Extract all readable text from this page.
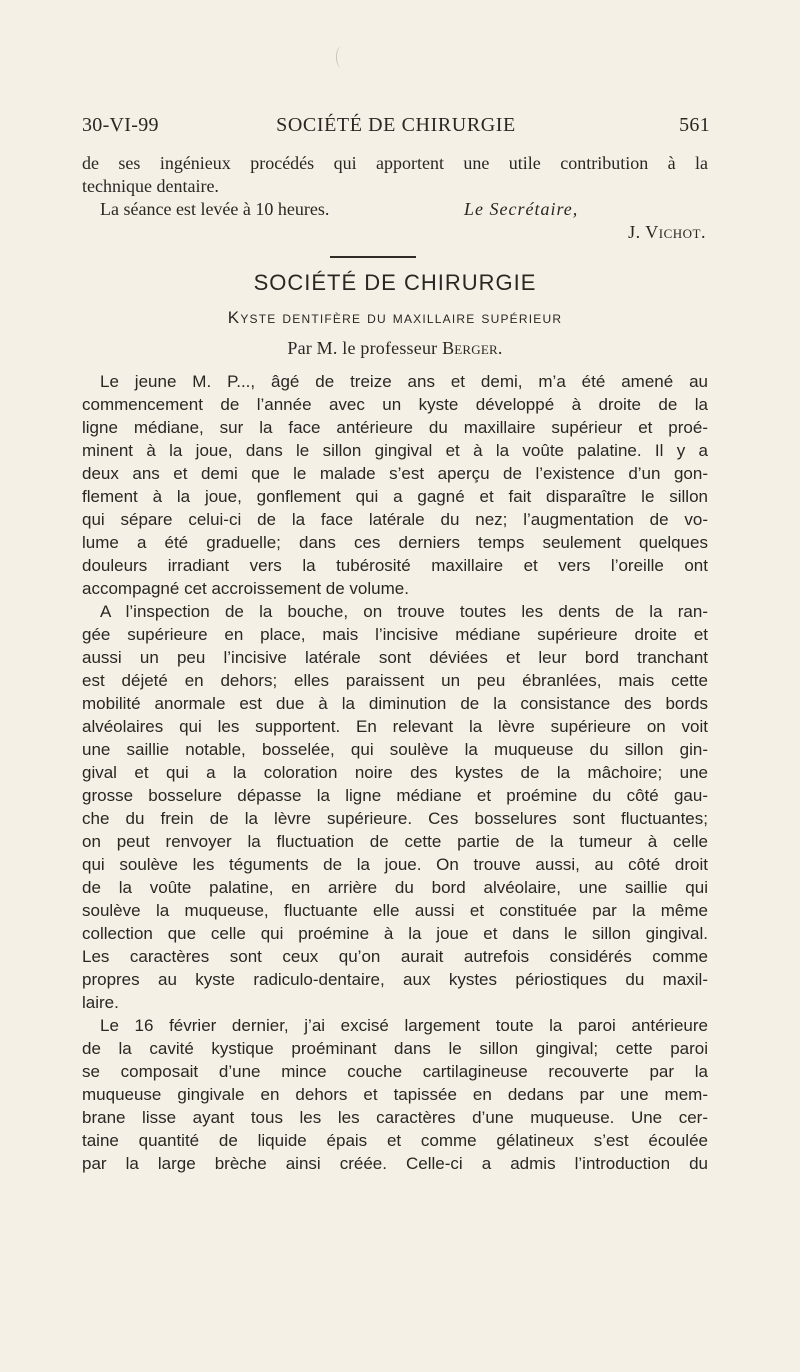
30-VI-99	SOCIÉTÉ DE CHIRURGIE	561
de ses ingénieux procédés qui apportent une utile contribution à la
technique dentaire.
La séance est levée à 10 heures.	Le Secrétaire,
J. Vichot.
SOCIÉTÉ DE CHIRURGIE
Kyste dentifère du maxillaire supérieur
Par M. le professeur Berger.
Le jeune M. P..., âgé de treize ans et demi, m’a été amené au
commencement de l’année avec un kyste développé à droite de la
ligne médiane, sur la face antérieure du maxillaire supérieur et proé-
minent à la joue, dans le sillon gingival et à la voûte palatine. Il y a
deux ans et demi que le malade s’est aperçu de l’existence d’un gon-
flement à la joue, gonflement qui a gagné et fait disparaître le sillon
qui sépare celui-ci de la face latérale du nez; l’augmentation de vo-
lume a été graduelle; dans ces derniers temps seulement quelques
douleurs irradiant vers la tubérosité maxillaire et vers l’oreille ont
accompagné cet accroissement de volume.
A l’inspection de la bouche, on trouve toutes les dents de la ran-
gée supérieure en place, mais l’incisive médiane supérieure droite et
aussi un peu l’incisive latérale sont déviées et leur bord tranchant
est déjeté en dehors; elles paraissent un peu ébranlées, mais cette
mobilité anormale est due à la diminution de la consistance des bords
alvéolaires qui les supportent. En relevant la lèvre supérieure on voit
une saillie notable, bosselée, qui soulève la muqueuse du sillon gin-
gival et qui a la coloration noire des kystes de la mâchoire; une
grosse bosselure dépasse la ligne médiane et proémine du côté gau-
che du frein de la lèvre supérieure. Ces bosselures sont fluctuantes;
on peut renvoyer la fluctuation de cette partie de la tumeur à celle
qui soulève les téguments de la joue. On trouve aussi, au côté droit
de la voûte palatine, en arrière du bord alvéolaire, une saillie qui
soulève la muqueuse, fluctuante elle aussi et constituée par la même
collection que celle qui proémine à la joue et dans le sillon gingival.
Les caractères sont ceux qu’on aurait autrefois considérés comme
propres au kyste radiculo-dentaire, aux kystes périostiques du maxil-
laire.
Le 16 février dernier, j’ai excisé largement toute la paroi antérieure
de la cavité kystique proéminant dans le sillon gingival; cette paroi
se composait d’une mince couche cartilagineuse recouverte par la
muqueuse gingivale en dehors et tapissée en dedans par une mem-
brane lisse ayant tous les les caractères d’une muqueuse. Une cer-
taine quantité de liquide épais et comme gélatineux s’est écoulée
par la large brèche ainsi créée. Celle-ci a admis l’introduction du
